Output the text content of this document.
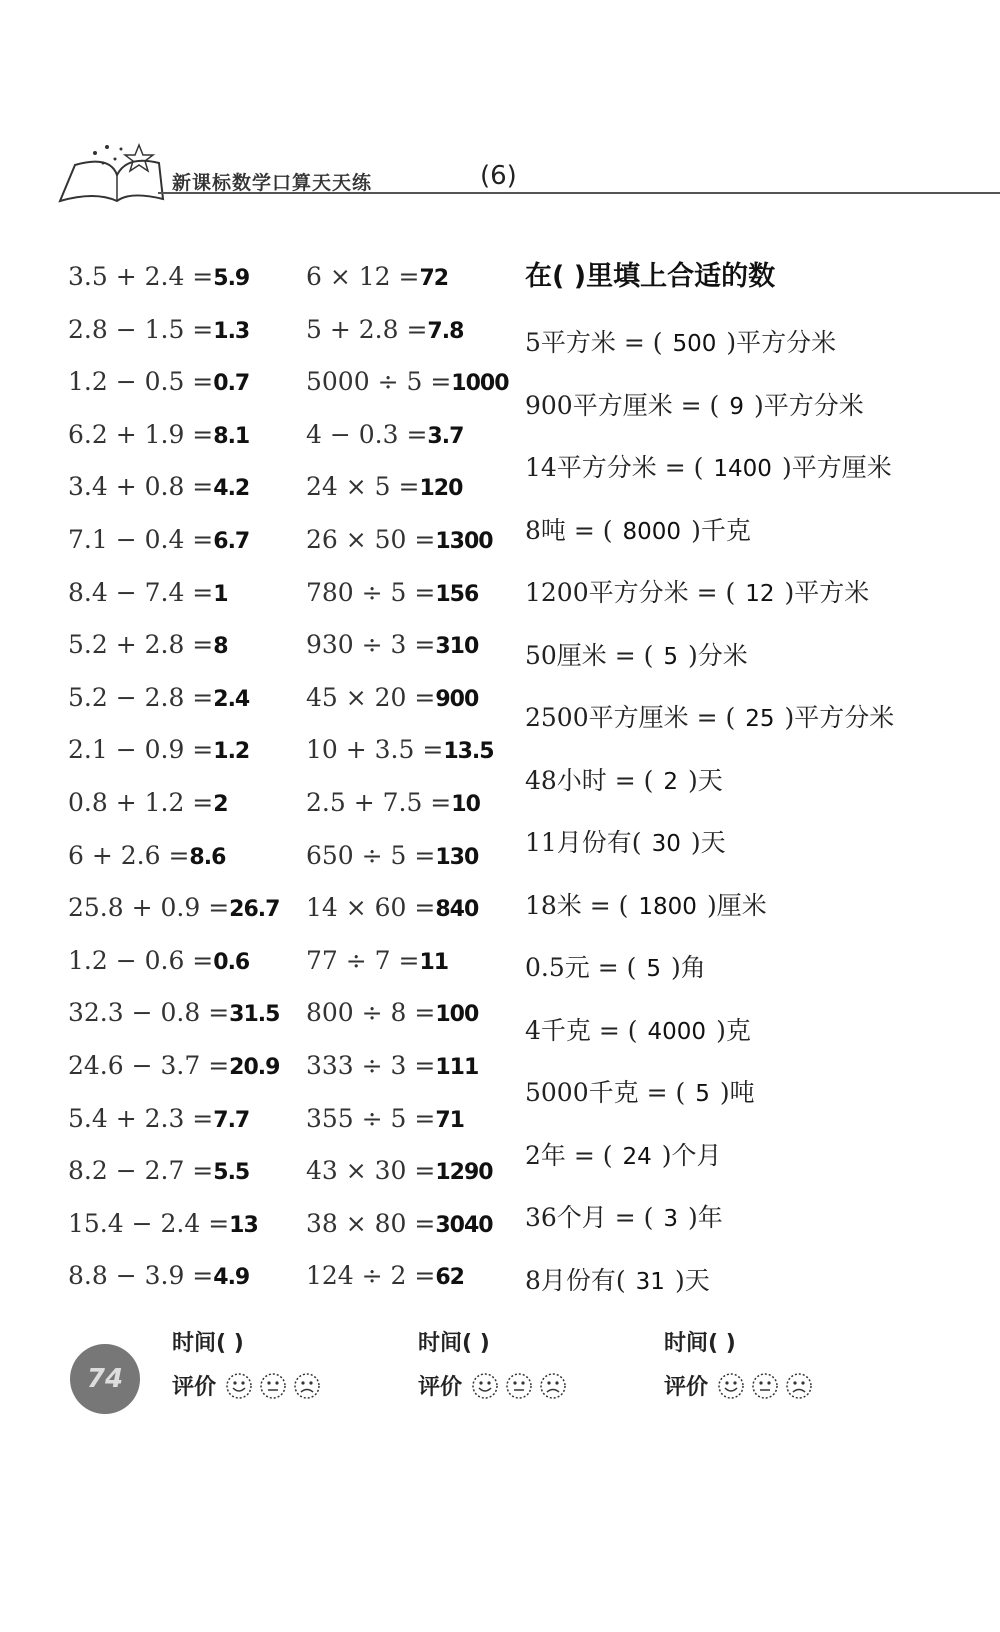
新课标数学口算天天练	(6)
3.5 + 2.4 =5.9
2.8 − 1.5 =1.3
1.2 − 0.5 =0.7
6.2 + 1.9 =8.1
3.4 + 0.8 =4.2
7.1 − 0.4 =6.7
8.4 − 7.4 =1
5.2 + 2.8 =8
5.2 − 2.8 =2.4
2.1 − 0.9 =1.2
0.8 + 1.2 =2
6 + 2.6 =8.6
25.8 + 0.9 =26.7
1.2 − 0.6 =0.6
32.3 − 0.8 =31.5
24.6 − 3.7 =20.9
5.4 + 2.3 =7.7
8.2 − 2.7 =5.5
15.4 − 2.4 =13
8.8 − 3.9 =4.9
6 × 12 =72
5 + 2.8 =7.8
5000 ÷ 5 =1000
4 − 0.3 =3.7
24 × 5 =120
26 × 50 =1300
780 ÷ 5 =156
930 ÷ 3 =310
45 × 20 =900
10 + 3.5 =13.5
2.5 + 7.5 =10
650 ÷ 5 =130
14 × 60 =840
77 ÷ 7 =11
800 ÷ 8 =100
333 ÷ 3 =111
355 ÷ 5 =71
43 × 30 =1290
38 × 80 =3040
124 ÷ 2 =62
在( )里填上合适的数
5平方米 = ( 500 )平方分米
900平方厘米 = ( 9 )平方分米
14平方分米 = ( 1400 )平方厘米
8吨 = ( 8000 )千克
1200平方分米 = ( 12 )平方米
50厘米 = ( 5 )分米
2500平方厘米 = ( 25 )平方分米
48小时 = ( 2 )天
11月份有( 30 )天
18米 = ( 1800 )厘米
0.5元 = ( 5 )角
4千克 = ( 4000 )克
5000千克 = ( 5 )吨
2年 = ( 24 )个月
36个月 = ( 3 )年
8月份有( 31 )天
74
时间( )
评价
时间( )
评价
时间( )
评价
